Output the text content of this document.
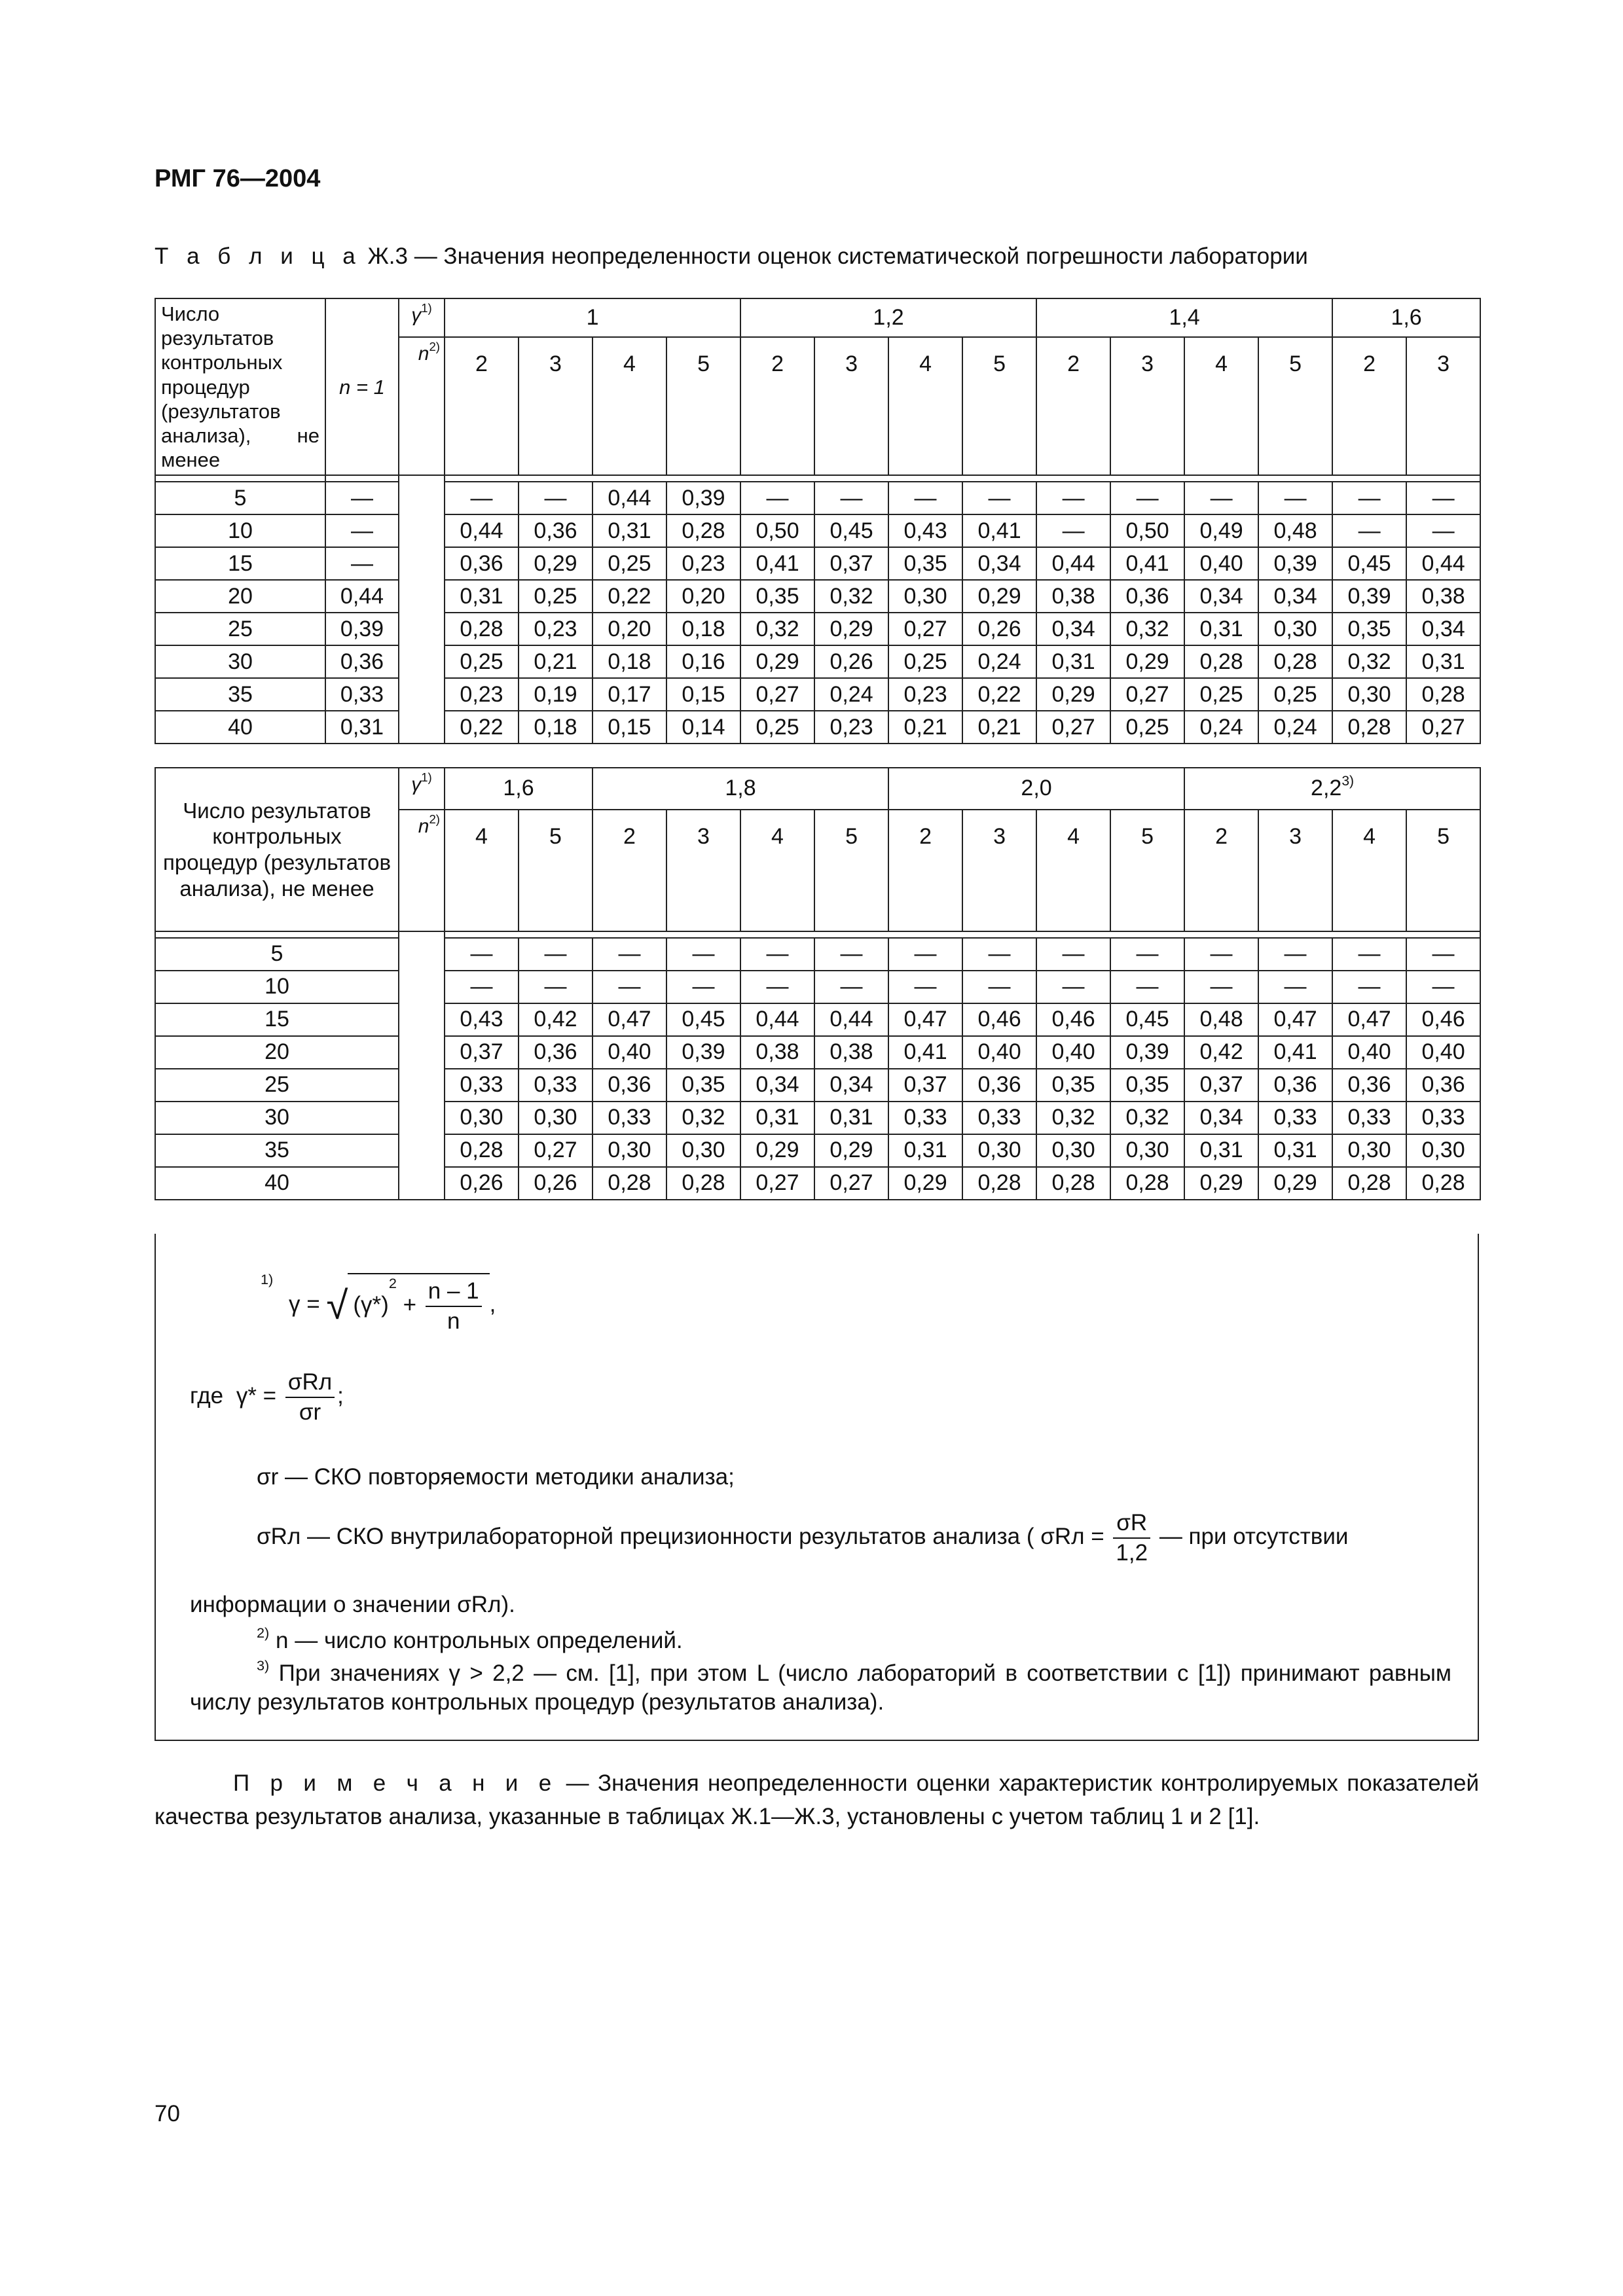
РМГ 76—2004
Т а б л и ц а Ж.3 — Значения неопределенности оценок систематической погрешности лаборатории
Число результатов контрольных процедур (результатов анализа), не менее	n = 1	$\gamma^{1)}$	1				1,2				1,4				1,6	
		$n^{2)}$	2	3	4	5	2	3	4	5	2	3	4	5	2	3

5	—		—	—	0,44	0,39	—	—	—	—	—	—	—	—	—	—
10	—		0,44	0,36	0,31	0,28	0,50	0,45	0,43	0,41	—	0,50	0,49	0,48	—	—
15	—		0,36	0,29	0,25	0,23	0,41	0,37	0,35	0,34	0,44	0,41	0,40	0,39	0,45	0,44
20	0,44		0,31	0,25	0,22	0,20	0,35	0,32	0,30	0,29	0,38	0,36	0,34	0,34	0,39	0,38
25	0,39		0,28	0,23	0,20	0,18	0,32	0,29	0,27	0,26	0,34	0,32	0,31	0,30	0,35	0,34
30	0,36		0,25	0,21	0,18	0,16	0,29	0,26	0,25	0,24	0,31	0,29	0,28	0,28	0,32	0,31
35	0,33		0,23	0,19	0,17	0,15	0,27	0,24	0,23	0,22	0,29	0,27	0,25	0,25	0,30	0,28
40	0,31		0,22	0,18	0,15	0,14	0,25	0,23	0,21	0,21	0,27	0,25	0,24	0,24	0,28	0,27
Число результатов контрольных процедур (результатов анализа), не менее	$\gamma^{1)}$	1,6		1,8				2,0				2,2$^{3)}$
	$n^{2)}$	4	5	2	3	4	5	2	3	4	5	2	3	4	5

5		—	—	—	—	—	—	—	—	—	—	—	—	—	—
10		—	—	—	—	—	—	—	—	—	—	—	—	—	—
15		0,43	0,42	0,47	0,45	0,44	0,44	0,47	0,46	0,46	0,45	0,48	0,47	0,47	0,46
20		0,37	0,36	0,40	0,39	0,38	0,38	0,41	0,40	0,40	0,39	0,42	0,41	0,40	0,40
25		0,33	0,33	0,36	0,35	0,34	0,34	0,37	0,36	0,35	0,35	0,37	0,36	0,36	0,36
30		0,30	0,30	0,33	0,32	0,31	0,31	0,33	0,33	0,32	0,32	0,34	0,33	0,33	0,33
35		0,28	0,27	0,30	0,30	0,29	0,29	0,31	0,30	0,30	0,30	0,31	0,31	0,30	0,30
40		0,26	0,26	0,28	0,28	0,27	0,27	0,29	0,28	0,28	0,28	0,29	0,29	0,28	0,28
$^{1)}$ γ = √ $(\gamma*)^2 + \frac{n - 1}{n}$ ,
где $\gamma* = \frac{\text{σRл}}{\sigma r}$ ;
σr — СКО повторяемости методики анализа;
σRл — СКО внутрилабораторной прецизионности результатов анализа ( $\sigma Rл = \frac{\sigma R}{1,2}$ — при отсутствии
информации о значении σRл).
$^{2)}$ n — число контрольных определений.
$^{3)}$ При значениях γ > 2,2 — см. [1], при этом L (число лабораторий в соответствии с [1]) принимают равным числу результатов контрольных процедур (результатов анализа).
П р и м е ч а н и е — Значения неопределенности оценки характеристик контролируемых показателей качества результатов анализа, указанные в таблицах Ж.1—Ж.3, установлены с учетом таблиц 1 и 2 [1].
70
